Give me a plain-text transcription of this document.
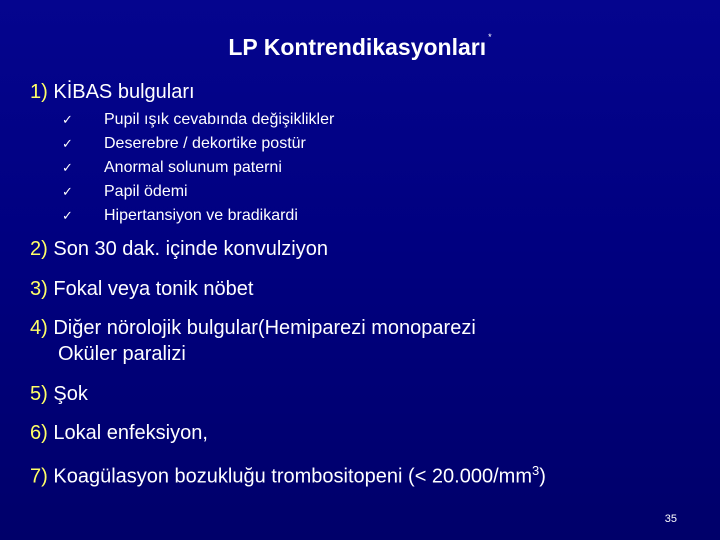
LP Kontrendikasyonları *
1) KİBAS bulguları
✓	Pupil ışık cevabında değişiklikler
✓	Deserebre / dekortike postür
✓	Anormal solunum paterni
✓	Papil ödemi
✓	Hipertansiyon ve bradikardi
2) Son 30 dak. içinde konvulziyon
3) Fokal veya tonik nöbet
4) Diğer nörolojik bulgular(Hemiparezi monoparezi
Oküler paralizi
5) Şok
6) Lokal enfeksiyon,
7) Koagülasyon bozukluğu trombositopeni (< $20.000/mm^3$)
35
